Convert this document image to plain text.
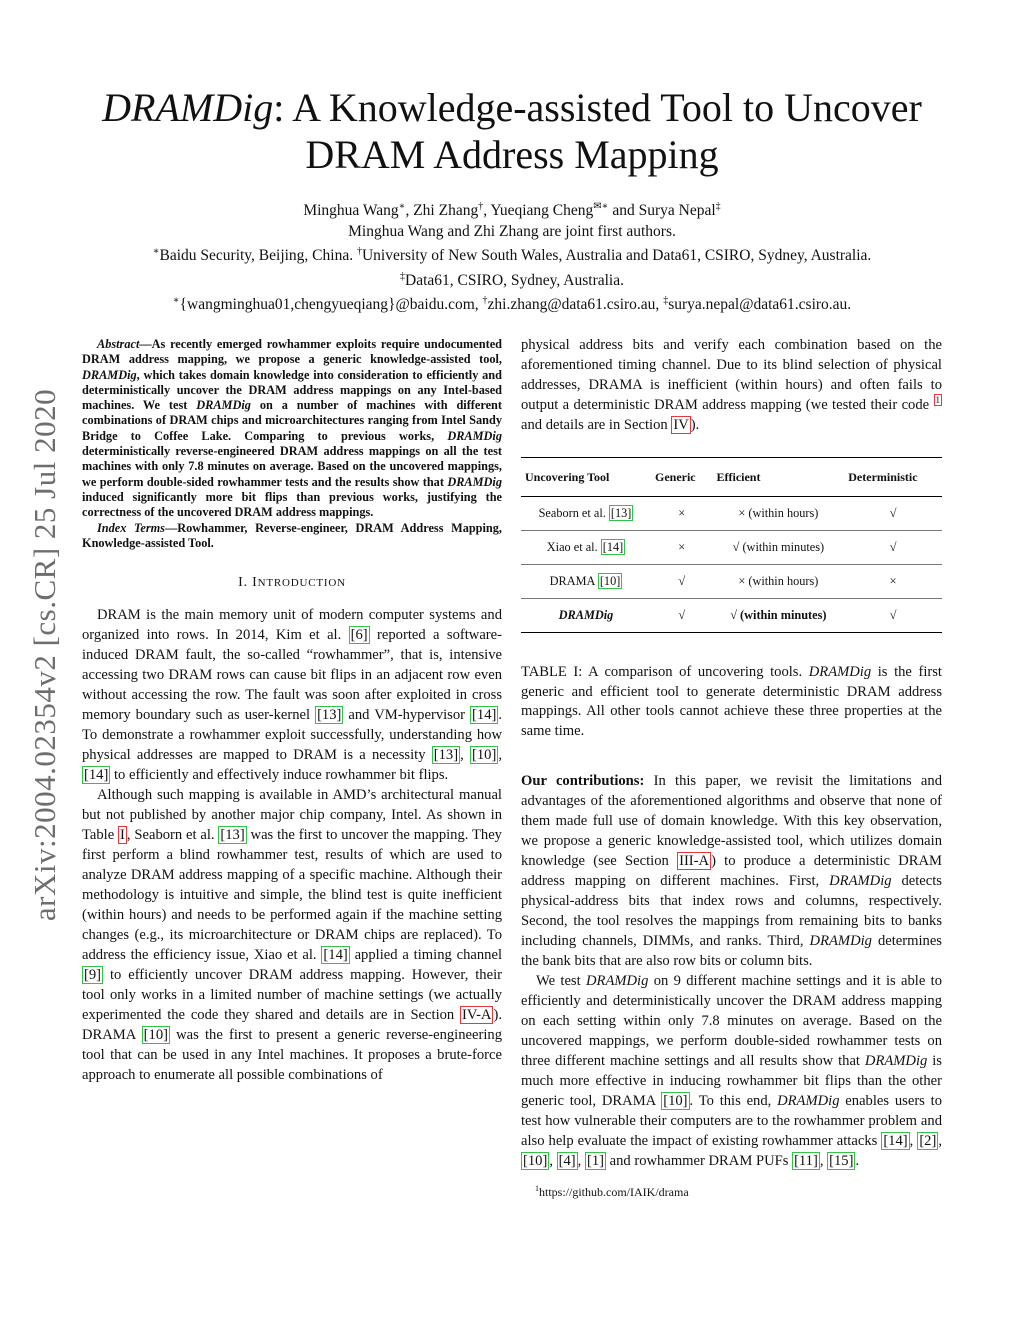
arXiv:2004.02354v2 [cs.CR] 25 Jul 2020
DRAMDig: A Knowledge-assisted Tool to Uncover
DRAM Address Mapping
Minghua Wang∗, Zhi Zhang†, Yueqiang Cheng✉∗ and Surya Nepal‡
Minghua Wang and Zhi Zhang are joint first authors.
∗Baidu Security, Beijing, China. †University of New South Wales, Australia and Data61, CSIRO, Sydney, Australia.
‡Data61, CSIRO, Sydney, Australia.
∗{wangminghua01,chengyueqiang}@baidu.com, †zhi.zhang@data61.csiro.au, ‡surya.nepal@data61.csiro.au.

Abstract—As recently emerged rowhammer exploits require undocumented DRAM address mapping, we propose a generic knowledge-assisted tool, DRAMDig, which takes domain knowledge into consideration to efficiently and deterministically uncover the DRAM address mappings on any Intel-based machines. We test DRAMDig on a number of machines with different combinations of DRAM chips and microarchitectures ranging from Intel Sandy Bridge to Coffee Lake. Comparing to previous works, DRAMDig deterministically reverse-engineered DRAM address mappings on all the test machines with only 7.8 minutes on average. Based on the uncovered mappings, we perform double-sided rowhammer tests and the results show that DRAMDig induced significantly more bit flips than previous works, justifying the correctness of the uncovered DRAM address mappings.

Index Terms—Rowhammer, Reverse-engineer, DRAM Address Mapping, Knowledge-assisted Tool.

I. INTRODUCTION

DRAM is the main memory unit of modern computer systems and organized into rows. In 2014, Kim et al. [6] reported a software-induced DRAM fault, the so-called “rowhammer”, that is, intensive accessing two DRAM rows can cause bit flips in an adjacent row even without accessing the row. The fault was soon after exploited in cross memory boundary such as user-kernel [13] and VM-hypervisor [14] . To demonstrate a rowhammer exploit successfully, understanding how physical addresses are mapped to DRAM is a necessity [13] , [10] , [14] to efficiently and effectively induce rowhammer bit flips.

Although such mapping is available in AMD’s architectural manual but not published by another major chip company, Intel. As shown in Table I , Seaborn et al. [13] was the first to uncover the mapping. They first perform a blind rowhammer test, results of which are used to analyze DRAM address mapping of a specific machine. Although their methodology is intuitive and simple, the blind test is quite inefficient (within hours) and needs to be performed again if the machine setting changes (e.g., its microarchitecture or DRAM chips are replaced). To address the efficiency issue, Xiao et al. [14] applied a timing channel [9] to efficiently uncover DRAM address mapping. However, their tool only works in a limited number of machine settings (we actually experimented the code they shared and details are in Section IV-A ). DRAMA [10] was the first to present a generic reverse-engineering tool that can be used in any Intel machines. It proposes a brute-force approach to enumerate all possible combinations of

physical address bits and verify each combination based on the aforementioned timing channel. Due to its blind selection of physical addresses, DRAMA is inefficient (within hours) and often fails to output a deterministic DRAM address mapping (we tested their code $^1$ and details are in Section IV ).

Uncovering Tool	Generic	Efficient	Deterministic
Seaborn et al. [13]	×	× (within hours)	√
Xiao et al. [14]	×	√ (within minutes)	√
DRAMA [10]	√	× (within hours)	×
DRAMDig	√	√ (within minutes)	√

TABLE I: A comparison of uncovering tools. DRAMDig is the first generic and efficient tool to generate deterministic DRAM address mappings. All other tools cannot achieve these three properties at the same time.

Our contributions: In this paper, we revisit the limitations and advantages of the aforementioned algorithms and observe that none of them made full use of domain knowledge. With this key observation, we propose a generic knowledge-assisted tool, which utilizes domain knowledge (see Section III-A ) to produce a deterministic DRAM address mapping on different machines. First, DRAMDig detects physical-address bits that index rows and columns, respectively. Second, the tool resolves the mappings from remaining bits to banks including channels, DIMMs, and ranks. Third, DRAMDig determines the bank bits that are also row bits or column bits.

We test DRAMDig on 9 different machine settings and it is able to efficiently and deterministically uncover the DRAM address mapping on each setting within only 7.8 minutes on average. Based on the uncovered mappings, we perform double-sided rowhammer tests on three different machine settings and all results show that DRAMDig is much more effective in inducing rowhammer bit flips than the other generic tool, DRAMA [10] . To this end, DRAMDig enables users to test how vulnerable their computers are to the rowhammer problem and also help evaluate the impact of existing rowhammer attacks [14] , [2] , [10] , [4] , [1] and rowhammer DRAM PUFs [11] , [15] .

$^1$https://github.com/IAIK/drama
